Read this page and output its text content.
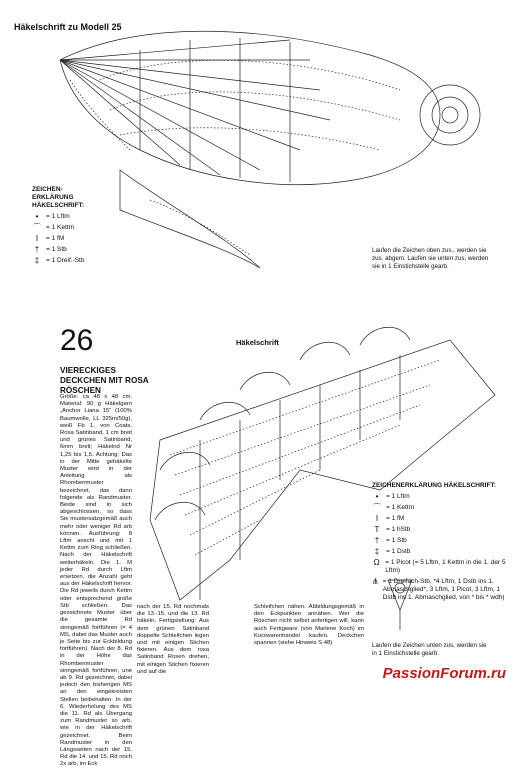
Häkelschrift zu Modell 25
ZEICHEN-
ERKLÄRUNG
HÄKELSCHRIFT:
•	= 1 Lftm
⌒ = 1 Kettm
I	= 1 fM
†	= 1 Stb
‡	= 1 Dreif.-Stb
Laufen die Zeichen oben zus., werden sie zus. abgem. Laufen sie unten zus, werden sie in 1 Einstichstelle gearb.
26
VIERECKIGES DECKCHEN MIT ROSA RÖSCHEN
Größe: ca 48 x 48 cm. Material: 90 g Häkelgarn „Anchor Liana 15“ (100% Baumwolle, LL 325m/50g), weiß Fb 1, von Coats, Rosa Satinband, 1 cm breit und grünes Satinband, 6mm breit; Häkelnd Nr 1,25 bis 1,5. Achtung: Das in der Mitte gehäkelte Muster wird in der Anleitung als Rhombenmuster bezeichnet, das dann folgende als Randmuster. Beide sind in sich abgeschlossen, so dass Sie mustersatzgemäß auch mehr oder weniger Rd arb können. Ausführung: 8 Lftm anschl und mit 1 Kettm zum Ring schließen. Nach der Häkelschrift weiterhäkeln. Die 1. M jeder Rd durch Lftm ersetzen, die Anzahl geht aus der Häkelschrift hervor. Die Rd jeweils durch Kettm oder entsprechend große Stb schließen. Das gezeichnete Muster über die gesamte Rd sinngemäß fortführen (= 4 MS, dabei das Muster auch je Seite bis zur Eckbildung fortführen). Nach der 8. Rd in der Höhe das Rhombenmuster sinngemäß fortführen, une ab 9. Rd gezeichnet, dabei jedoch den bisherigen MS an den eingekreisten Stellen beibehalten. In der 6. Wiederholung des MS die 11. Rd als Übergang zum Randmuster so arb, wie in der Häkelschrift gezeichnet. Beim Randmuster in den Längsseiten nach der 15. Rd die 14. und 15. Rd noch 2x arb, im Eck
Häkelschrift
ZEICHENERKLÄRUNG HÄKELSCHRIFT:
•	= 1 Lftm
⌒ = 1 Kettm
I	= 1 fM
T	= 1 hStb
†	= 1 Stb
‡	= 1 Dstb
Ω = 1 Picot (= 5 Lftm, 1 Kettm in die 1. der 5 Lftm)
⋔ = 1 Dreifach-Stb, *4 Lftm, 1 Dstb ins 1. Abmaschglied*, 3 Lftm, 1 Picot, 3 Lftm, 1 Dstb ins 1. Abmaschglied, von * bis * wdh)
nach der 15. Rd nochmals die 13.-15. und die 13. Rd häkeln. Fertigstellung: Aus dem grünen Satinband doppelte Schleifchen legen und mit einigen Stichen fixieren. Aus dem rosa Satinband Rosen drehen, mit einigen Stichen fixieren und auf die
Schleifchen nähen. Abbildungsgemäß in den Eckpunkten annähen. Wer die Röschen nicht selbst anfertigen will, kann auch Fertigware (von Marlene Koch) im Kurzwarenhandel kaufen. Deckchen spannen (siehe Hinweis S 48)	Laufen die Zeichen unten zus, werden sie in 1 Einstichstelle gearb.
PassionForum.ru
